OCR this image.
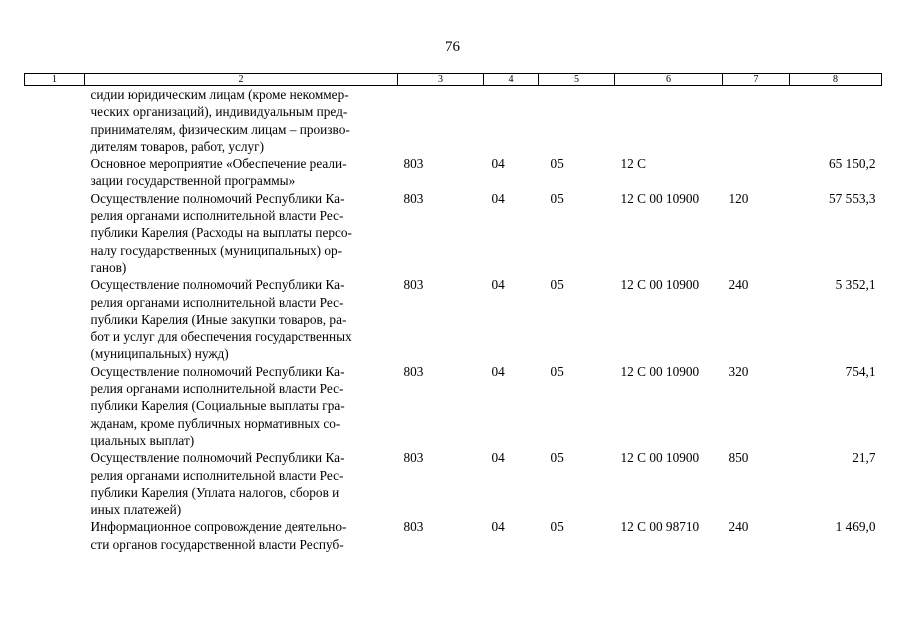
76
1	2	3	4	5	6	7	8

	сидии юридическим лицам (кроме некоммер-
ческих организаций), индивидуальным пред-
принимателям, физическим лицам – произво-
дителям товаров, работ, услуг)						

	Основное мероприятие «Обеспечение реали-
зации государственной программы»	803	04	05	12 С		65 150,2

	Осуществление полномочий Республики Ка-
релия органами исполнительной власти Рес-
публики Карелия (Расходы на выплаты персо-
налу государственных (муниципальных) ор-
ганов)	803	04	05	12 С 00 10900	120	57 553,3

	Осуществление полномочий Республики Ка-
релия органами исполнительной власти Рес-
публики Карелия (Иные закупки товаров, ра-
бот и услуг для обеспечения государственных
(муниципальных) нужд)	803	04	05	12 С 00 10900	240	5 352,1

	Осуществление полномочий Республики Ка-
релия органами исполнительной власти Рес-
публики Карелия (Социальные выплаты гра-
жданам, кроме публичных нормативных со-
циальных выплат)	803	04	05	12 С 00 10900	320	754,1

	Осуществление полномочий Республики Ка-
релия органами исполнительной власти Рес-
публики Карелия (Уплата налогов, сборов и
иных платежей)	803	04	05	12 С 00 10900	850	21,7

	Информационное сопровождение деятельно-
сти органов государственной власти Респуб-	803	04	05	12 С 00 98710	240	1 469,0
